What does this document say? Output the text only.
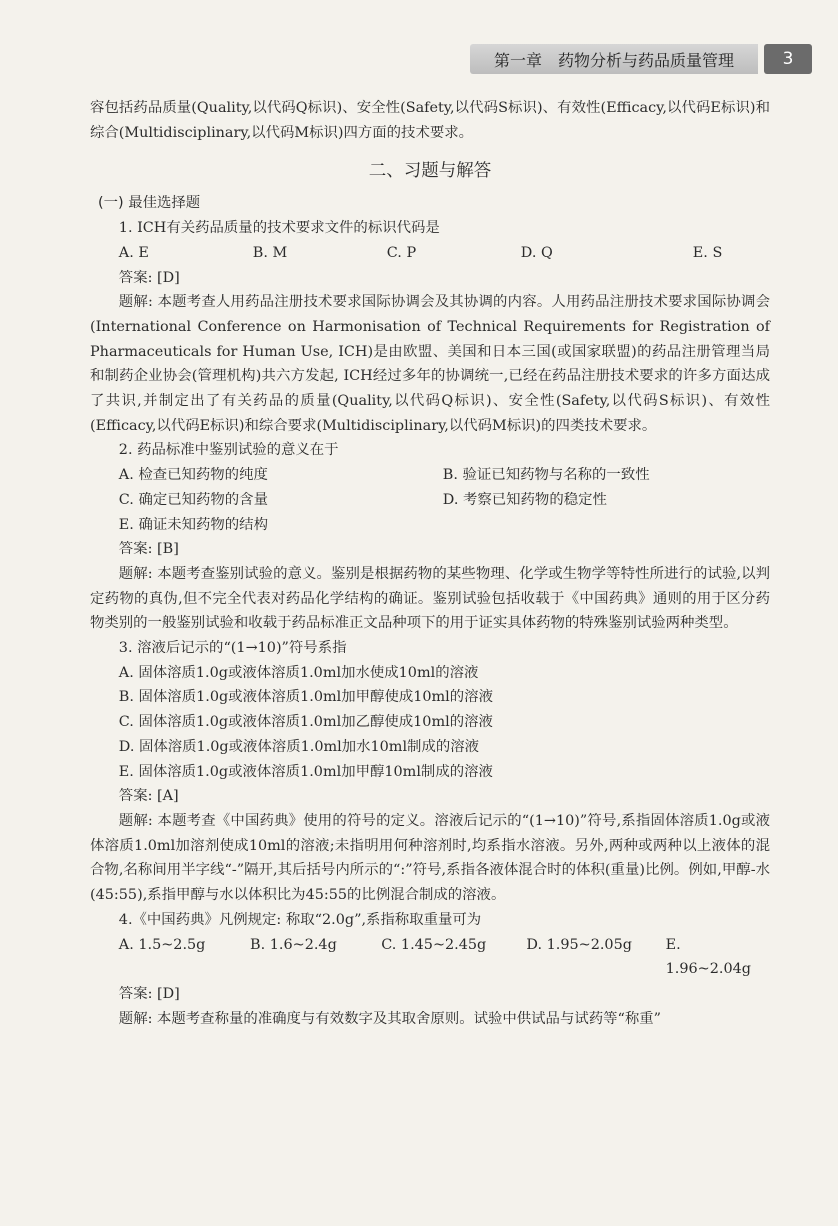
第一章　药物分析与药品质量管理	3

容包括药品质量(Quality,以代码Q标识)、安全性(Safety,以代码S标识)、有效性(Efficacy,以代码E标识)和综合(Multidisciplinary,以代码M标识)四方面的技术要求。

二、习题与解答

(一) 最佳选择题

1. ICH有关药品质量的技术要求文件的标识代码是

A. E	B. M	C. P	D. Q	E. S

答案: [D]

题解: 本题考查人用药品注册技术要求国际协调会及其协调的内容。人用药品注册技术要求国际协调会(International Conference on Harmonisation of Technical Requirements for Registration of Pharmaceuticals for Human Use, ICH)是由欧盟、美国和日本三国(或国家联盟)的药品注册管理当局和制药企业协会(管理机构)共六方发起, ICH经过多年的协调统一,已经在药品注册技术要求的许多方面达成了共识,并制定出了有关药品的质量(Quality,以代码Q标识)、安全性(Safety,以代码S标识)、有效性(Efficacy,以代码E标识)和综合要求(Multidisciplinary,以代码M标识)的四类技术要求。

2. 药品标准中鉴别试验的意义在于

A. 检查已知药物的纯度	B. 验证已知药物与名称的一致性
C. 确定已知药物的含量	D. 考察已知药物的稳定性
E. 确证未知药物的结构

答案: [B]

题解: 本题考查鉴别试验的意义。鉴别是根据药物的某些物理、化学或生物学等特性所进行的试验,以判定药物的真伪,但不完全代表对药品化学结构的确证。鉴别试验包括收载于《中国药典》通则的用于区分药物类别的一般鉴别试验和收载于药品标准正文品种项下的用于证实具体药物的特殊鉴别试验两种类型。

3. 溶液后记示的“(1→10)”符号系指

A. 固体溶质1.0g或液体溶质1.0ml加水使成10ml的溶液
B. 固体溶质1.0g或液体溶质1.0ml加甲醇使成10ml的溶液
C. 固体溶质1.0g或液体溶质1.0ml加乙醇使成10ml的溶液
D. 固体溶质1.0g或液体溶质1.0ml加水10ml制成的溶液
E. 固体溶质1.0g或液体溶质1.0ml加甲醇10ml制成的溶液

答案: [A]

题解: 本题考查《中国药典》使用的符号的定义。溶液后记示的“(1→10)”符号,系指固体溶质1.0g或液体溶质1.0ml加溶剂使成10ml的溶液;未指明用何种溶剂时,均系指水溶液。另外,两种或两种以上液体的混合物,名称间用半字线“-”隔开,其后括号内所示的“:”符号,系指各液体混合时的体积(重量)比例。例如,甲醇-水(45:55),系指甲醇与水以体积比为45:55的比例混合制成的溶液。

4.《中国药典》凡例规定: 称取“2.0g”,系指称取重量可为

A. 1.5~2.5g	B. 1.6~2.4g	C. 1.45~2.45g	D. 1.95~2.05g	E. 1.96~2.04g

答案: [D]

题解: 本题考查称量的准确度与有效数字及其取舍原则。试验中供试品与试药等“称重”
